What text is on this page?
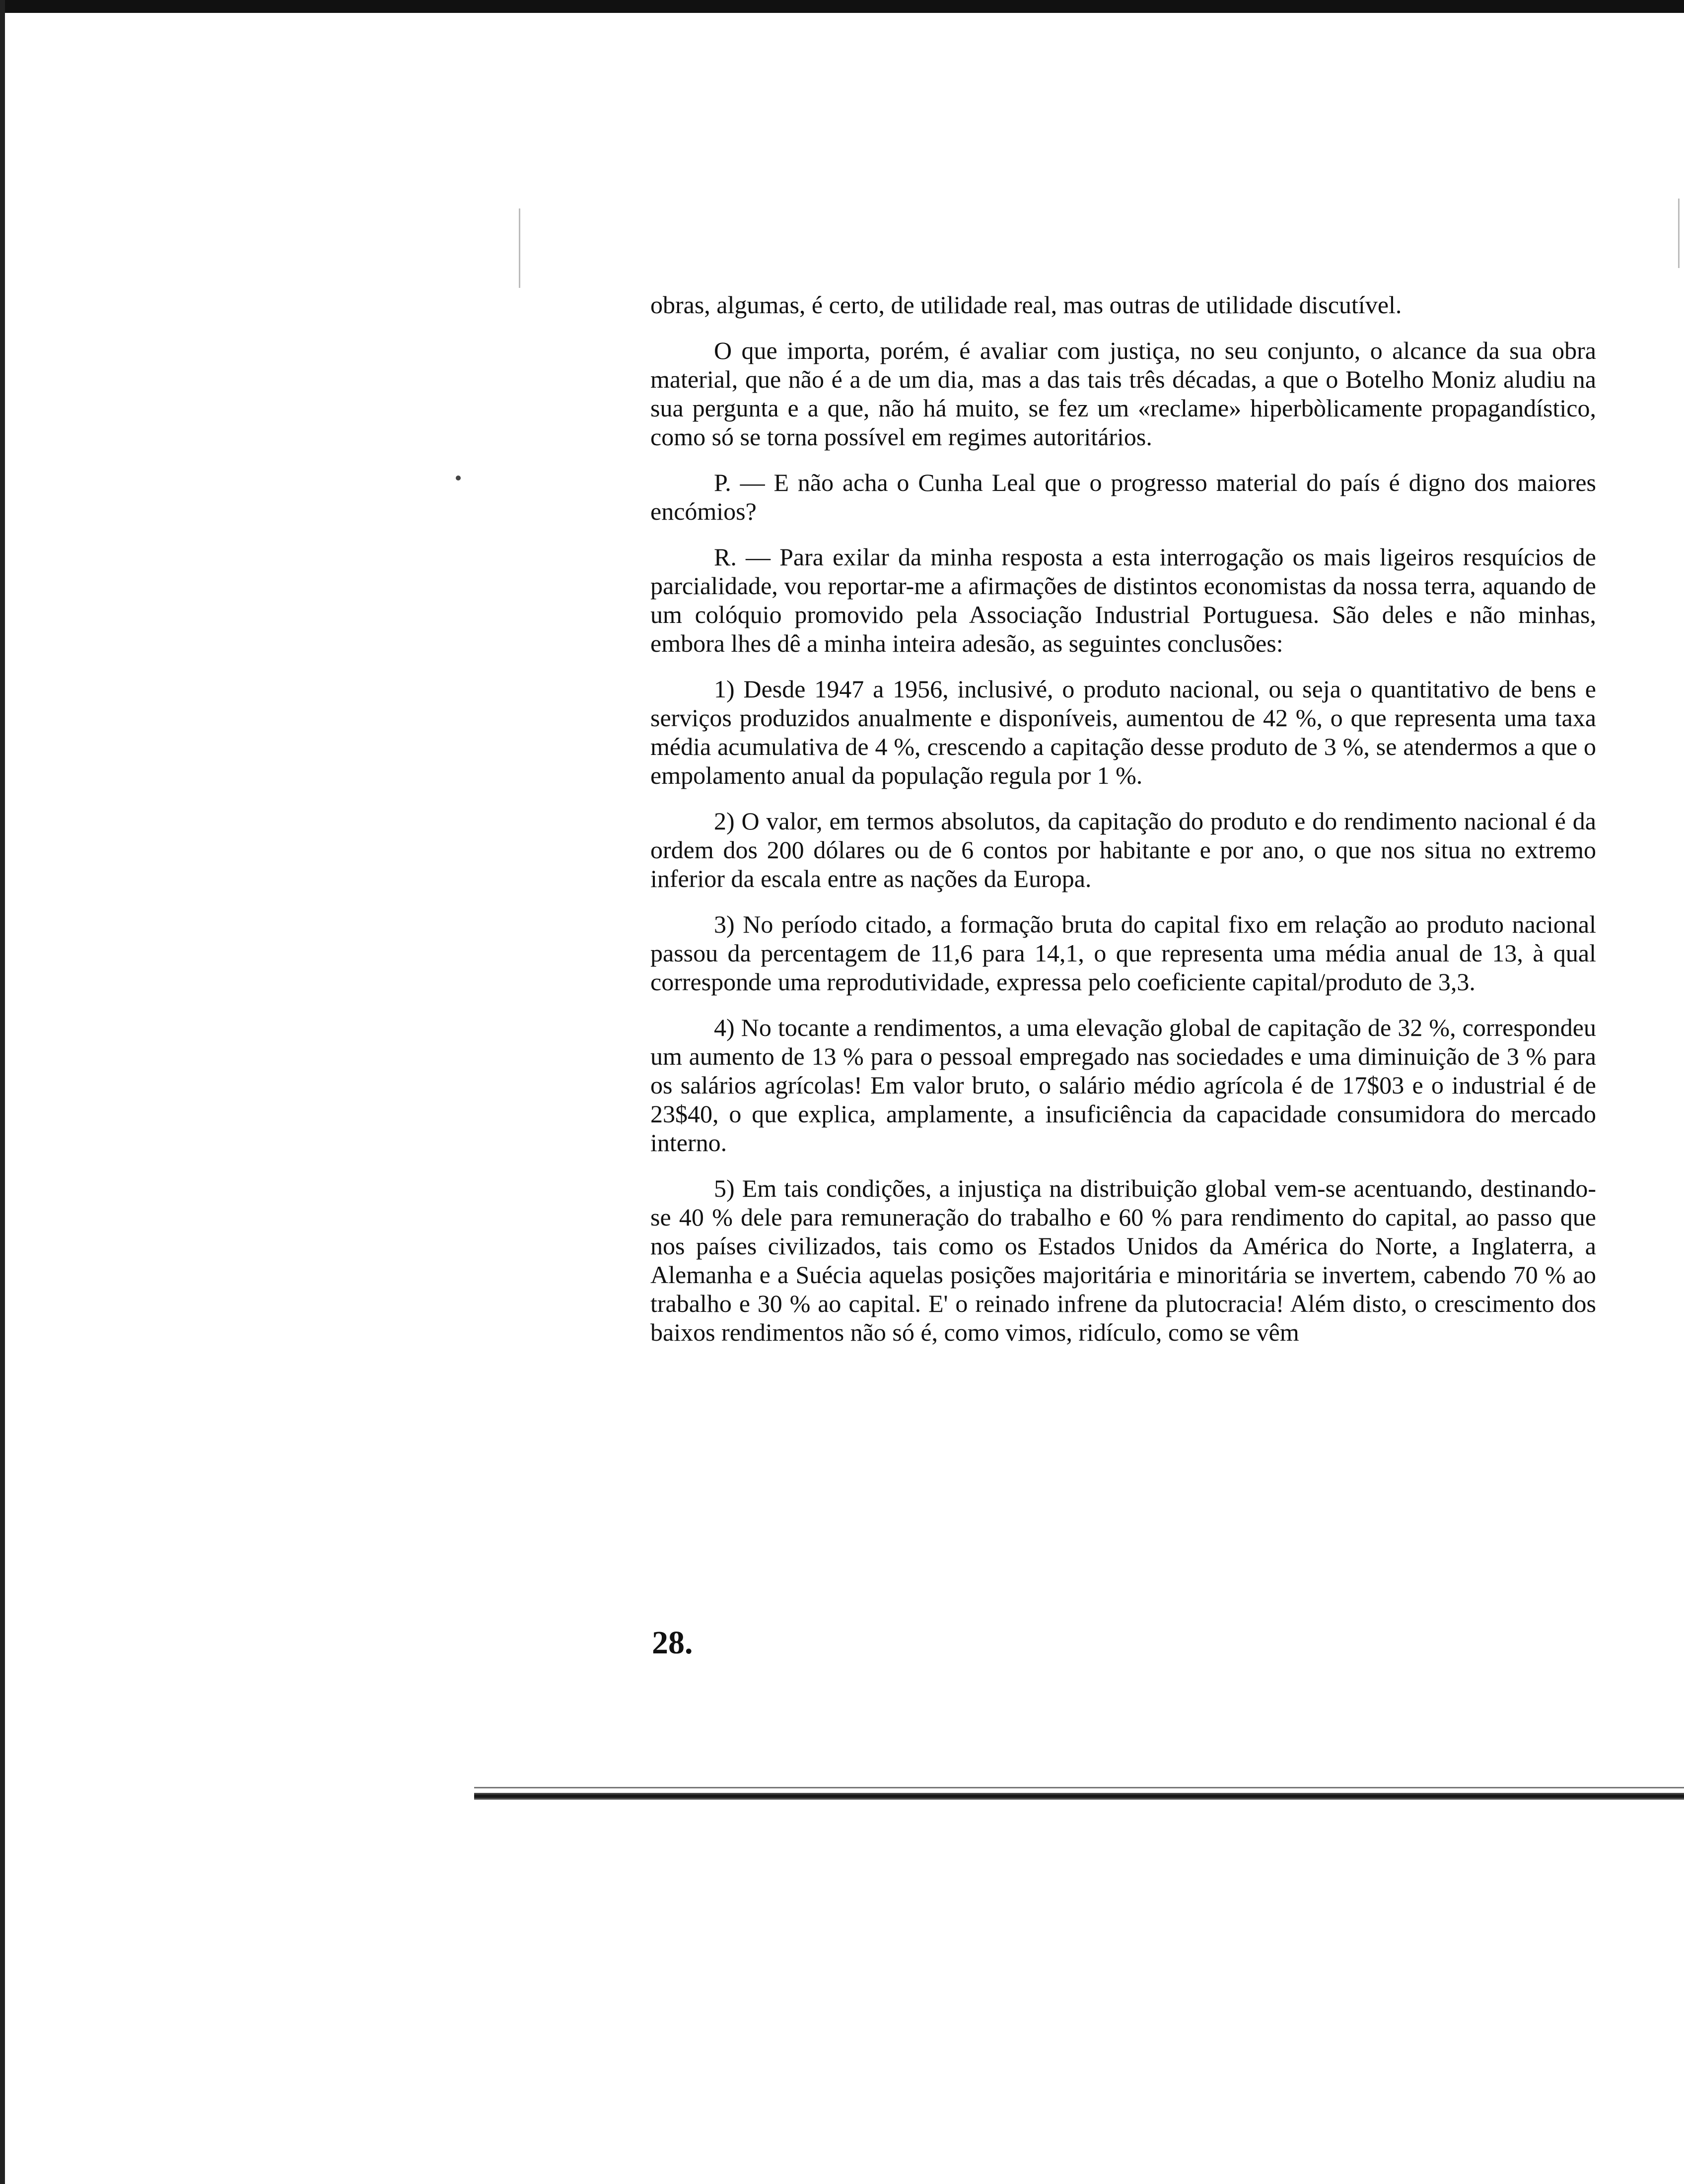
obras, algumas, é certo, de utilidade real, mas outras de utilidade discutível.

O que importa, porém, é avaliar com justiça, no seu conjunto, o alcance da sua obra material, que não é a de um dia, mas a das tais três décadas, a que o Botelho Moniz aludiu na sua pergunta e a que, não há muito, se fez um «reclame» hiperbòlicamente propagandístico, como só se torna possível em regimes autoritários.

P. — E não acha o Cunha Leal que o progresso material do país é digno dos maiores encómios?

R. — Para exilar da minha resposta a esta interrogação os mais ligeiros resquícios de parcialidade, vou reportar-me a afirmações de distintos economistas da nossa terra, aquando de um colóquio promovido pela Associação Industrial Portuguesa. São deles e não minhas, embora lhes dê a minha inteira adesão, as seguintes conclusões:

1) Desde 1947 a 1956, inclusivé, o produto nacional, ou seja o quantitativo de bens e serviços produzidos anualmente e disponíveis, aumentou de 42 %, o que representa uma taxa média acumulativa de 4 %, crescendo a capitação desse produto de 3 %, se atendermos a que o empolamento anual da população regula por 1 %.

2) O valor, em termos absolutos, da capitação do produto e do rendimento nacional é da ordem dos 200 dólares ou de 6 contos por habitante e por ano, o que nos situa no extremo inferior da escala entre as nações da Europa.

3) No período citado, a formação bruta do capital fixo em relação ao produto nacional passou da percentagem de 11,6 para 14,1, o que representa uma média anual de 13, à qual corresponde uma reprodutividade, expressa pelo coeficiente capital/produto de 3,3.

4) No tocante a rendimentos, a uma elevação global de capitação de 32 %, correspondeu um aumento de 13 % para o pessoal empregado nas sociedades e uma diminuição de 3 % para os salários agrícolas! Em valor bruto, o salário médio agrícola é de 17$03 e o industrial é de 23$40, o que explica, amplamente, a insuficiência da capacidade consumidora do mercado interno.

5) Em tais condições, a injustiça na distribuição global vem-se acentuando, destinando-se 40 % dele para remuneração do trabalho e 60 % para rendimento do capital, ao passo que nos países civilizados, tais como os Estados Unidos da América do Norte, a Inglaterra, a Alemanha e a Suécia aquelas posições majoritária e minoritária se invertem, cabendo 70 % ao trabalho e 30 % ao capital. E' o reinado infrene da plutocracia! Além disto, o crescimento dos baixos rendimentos não só é, como vimos, ridículo, como se vêm

28.
